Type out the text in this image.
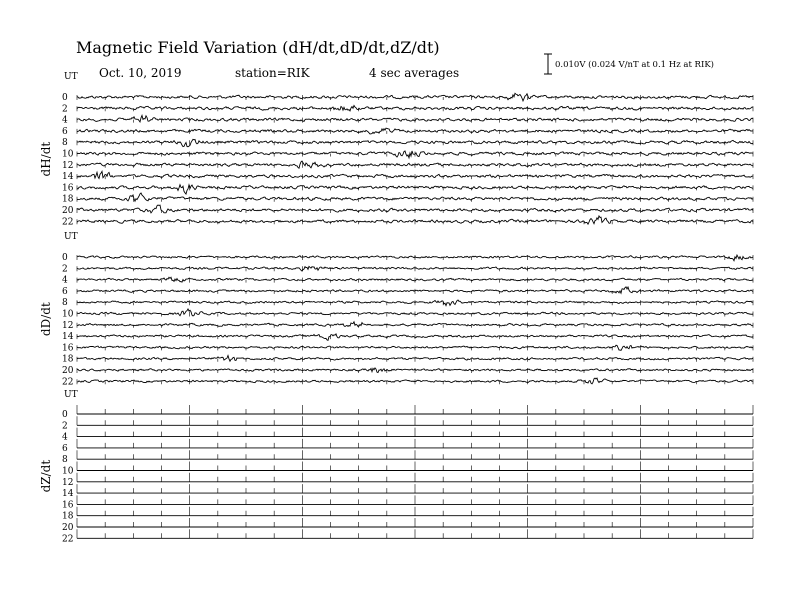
Magnetic Field Variation (dH/dt,dD/dt,dZ/dt)
Oct. 10, 2019	station=RIK	4 sec averages
0.010V (0.024 V/nT at 0.1 Hz at RIK)
UT
dH/dt
0
2
4
6
8
10
12
14
16
18
20
22
UT
dD/dt
0
2
4
6
8
10
12
14
16
18
20
22
UT
dZ/dt
0
2
4
6
8
10
12
14
16
18
20
22
